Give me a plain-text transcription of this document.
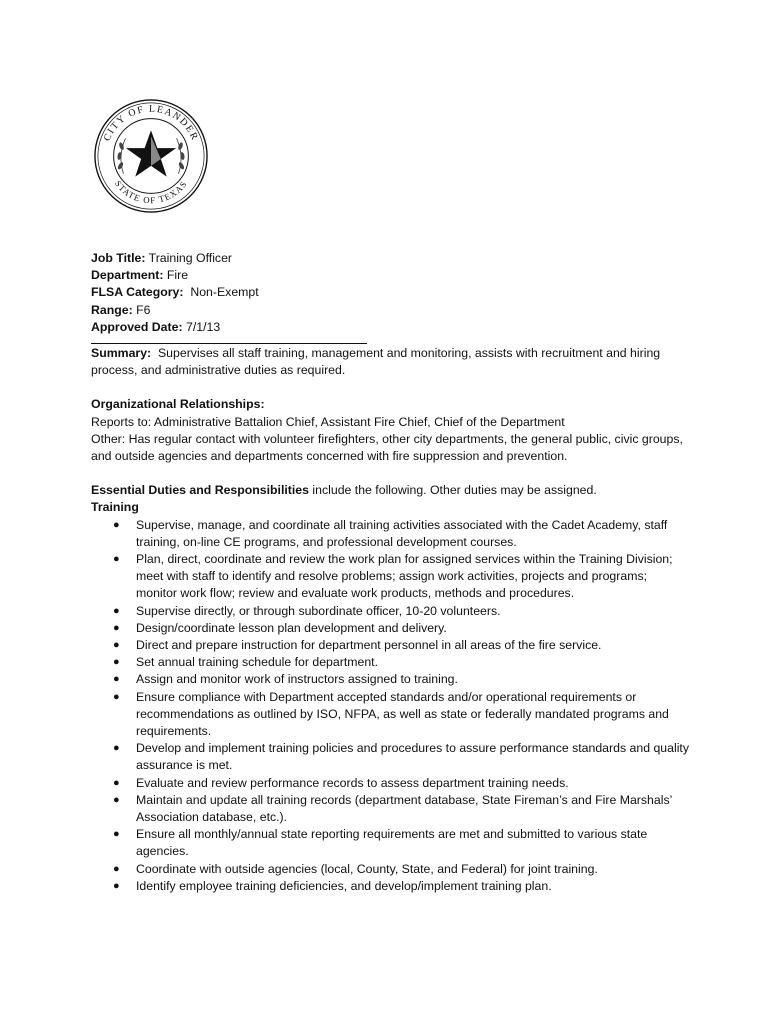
CITY OF LEANDER
STATE OF TEXAS
Job Title: Training Officer
Department: Fire
FLSA Category: Non-Exempt
Range: F6
Approved Date: 7/1/13

Summary: Supervises all staff training, management and monitoring, assists with recruitment and hiring process, and administrative duties as required.

Organizational Relationships:

Reports to: Administrative Battalion Chief, Assistant Fire Chief, Chief of the Department

Other: Has regular contact with volunteer firefighters, other city departments, the general public, civic groups, and outside agencies and departments concerned with fire suppression and prevention.

Essential Duties and Responsibilities include the following. Other duties may be assigned.

Training
● Supervise, manage, and coordinate all training activities associated with the Cadet Academy, staff training, on-line CE programs, and professional development courses.
● Plan, direct, coordinate and review the work plan for assigned services within the Training Division; meet with staff to identify and resolve problems; assign work activities, projects and programs; monitor work flow; review and evaluate work products, methods and procedures.
● Supervise directly, or through subordinate officer, 10-20 volunteers.
● Design/coordinate lesson plan development and delivery.
● Direct and prepare instruction for department personnel in all areas of the fire service.
● Set annual training schedule for department.
● Assign and monitor work of instructors assigned to training.
● Ensure compliance with Department accepted standards and/or operational requirements or recommendations as outlined by ISO, NFPA, as well as state or federally mandated programs and requirements.
● Develop and implement training policies and procedures to assure performance standards and quality assurance is met.
● Evaluate and review performance records to assess department training needs.
● Maintain and update all training records (department database, State Fireman’s and Fire Marshals’ Association database, etc.).
● Ensure all monthly/annual state reporting requirements are met and submitted to various state agencies.
● Coordinate with outside agencies (local, County, State, and Federal) for joint training.
● Identify employee training deficiencies, and develop/implement training plan.
